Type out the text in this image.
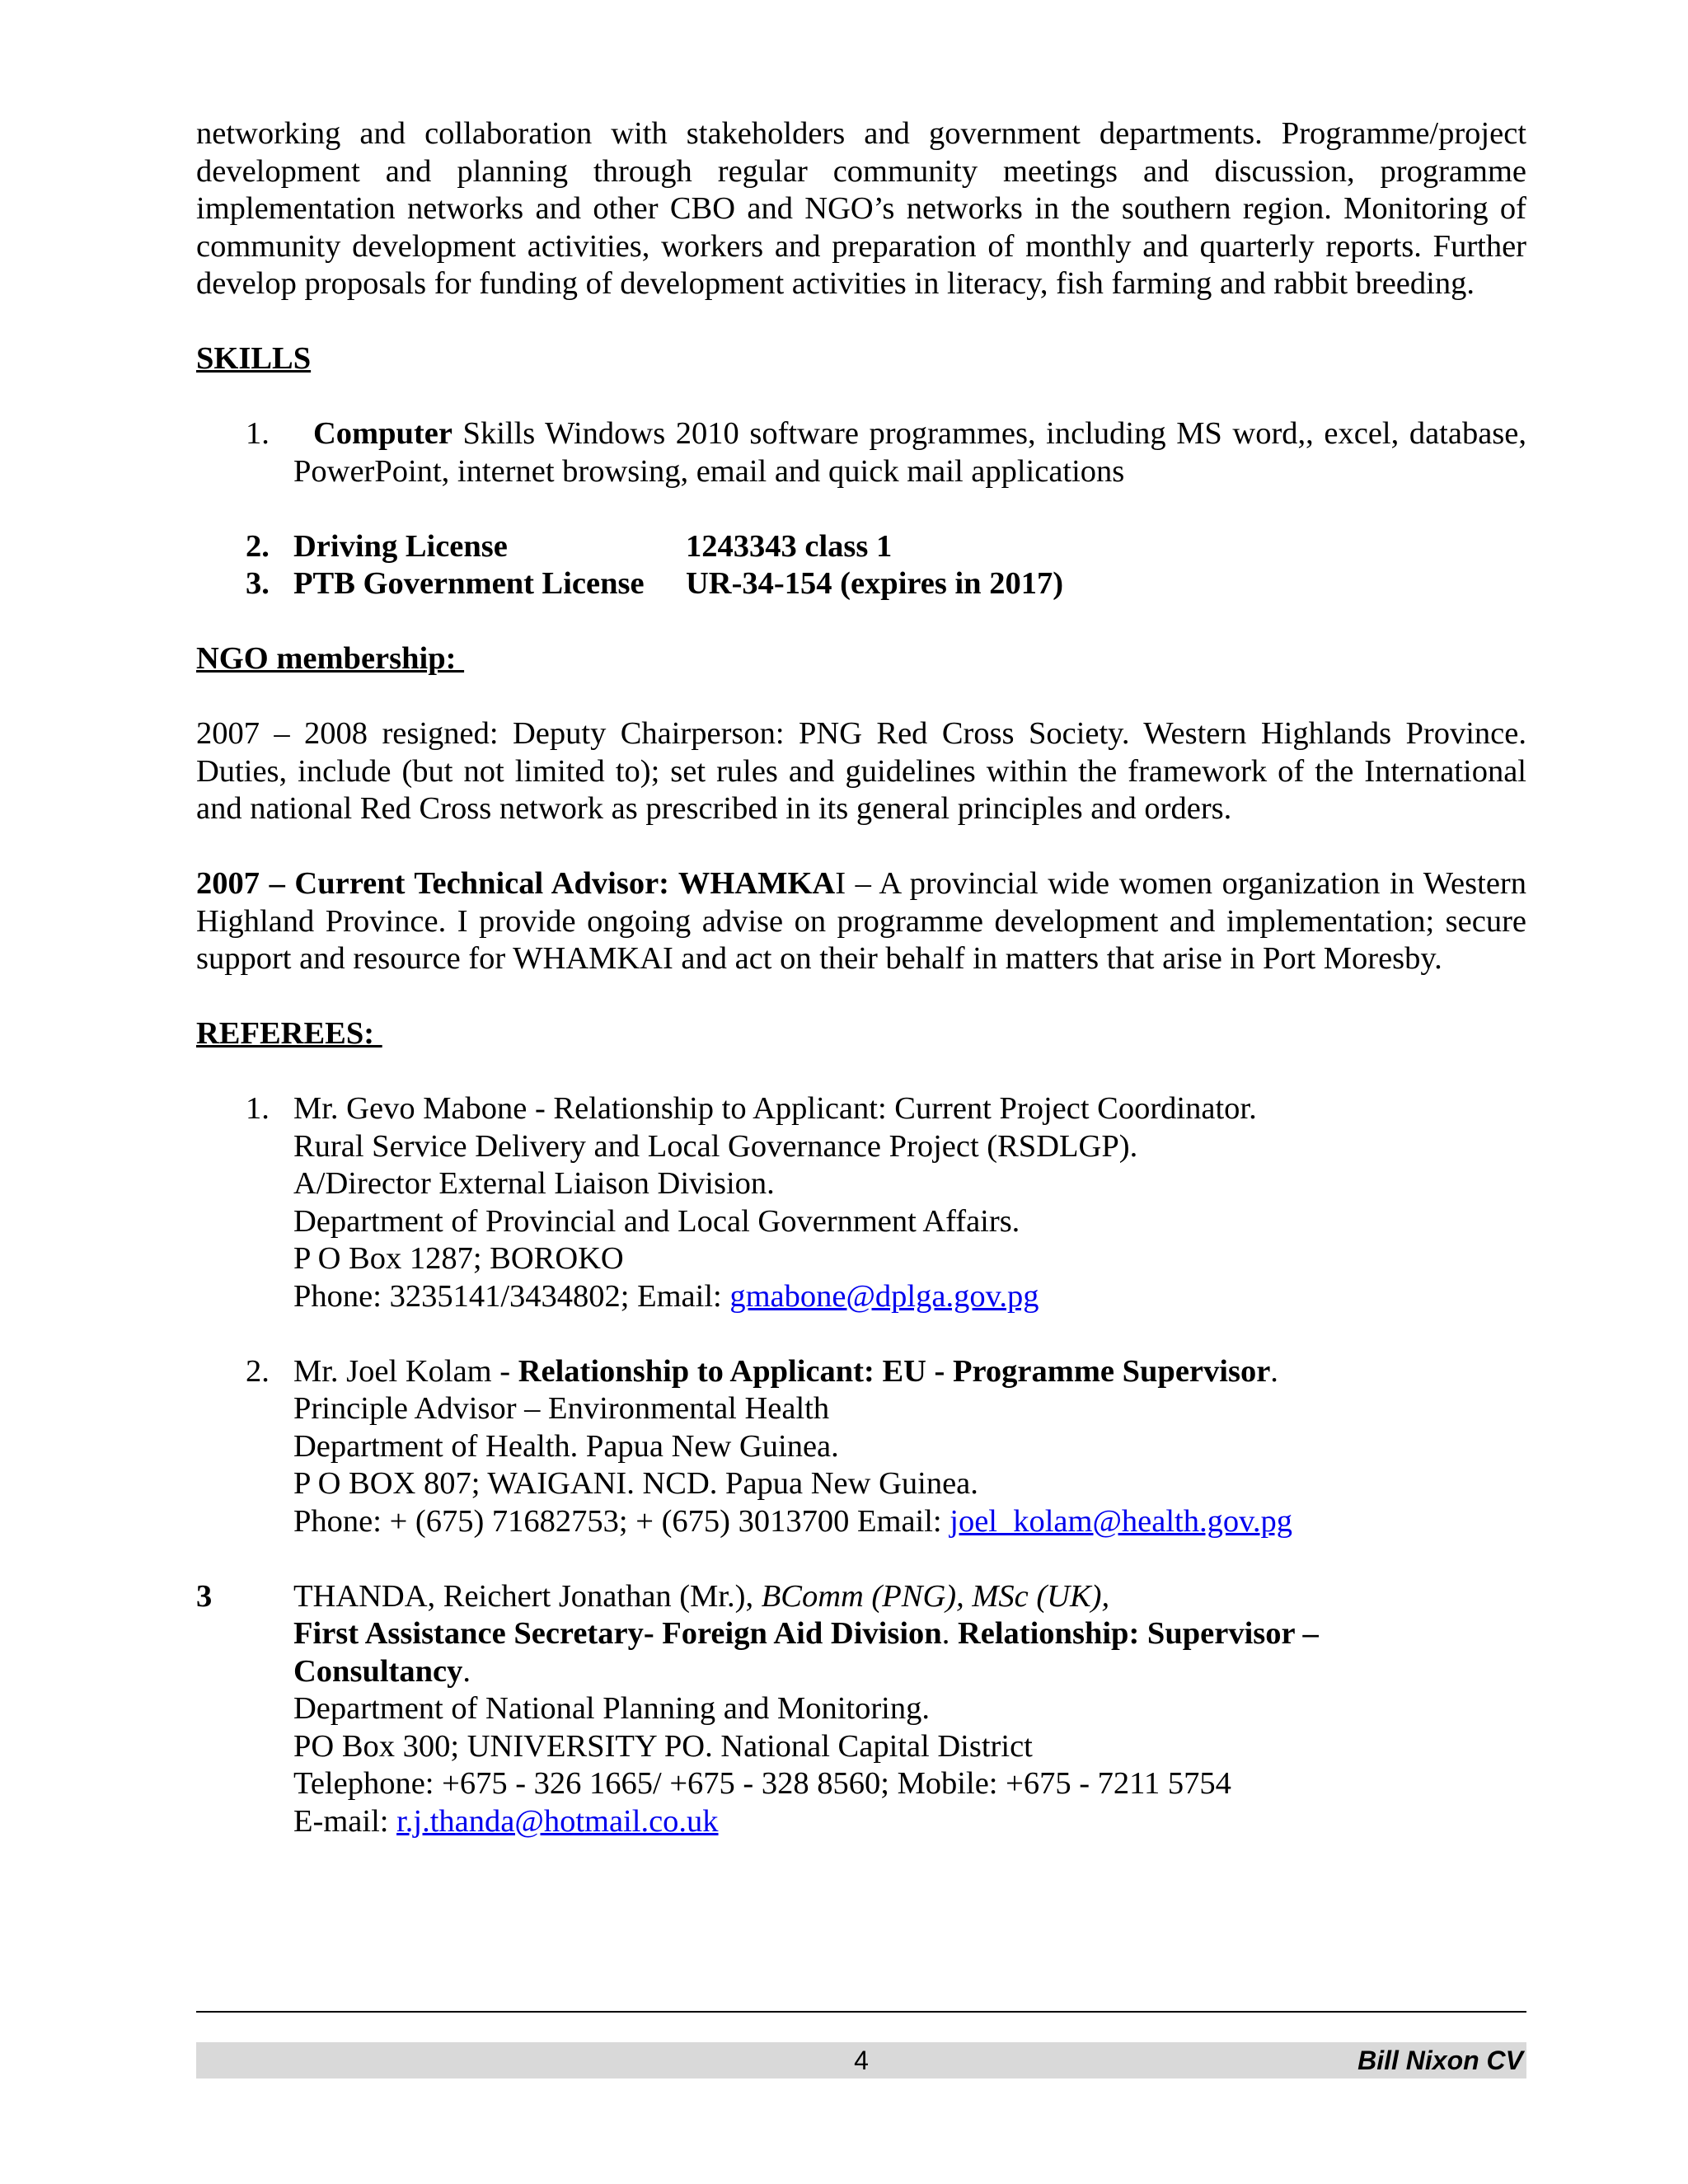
networking and collaboration with stakeholders and government departments. Programme/project development and planning through regular community meetings and discussion, programme implementation networks and other CBO and NGO’s networks in the southern region. Monitoring of community development activities, workers and preparation of monthly and quarterly reports. Further develop proposals for funding of development activities in literacy, fish farming and rabbit breeding.

SKILLS

1. Computer Skills Windows 2010 software programmes, including MS word,, excel, database, PowerPoint, internet browsing, email and quick mail applications
2. Driving License	1243343 class 1
3. PTB Government License UR-34-154 (expires in 2017)

NGO membership:

2007 – 2008 resigned: Deputy Chairperson: PNG Red Cross Society. Western Highlands Province. Duties, include (but not limited to); set rules and guidelines within the framework of the International and national Red Cross network as prescribed in its general principles and orders.

2007 – Current Technical Advisor: WHAMKAI – A provincial wide women organization in Western Highland Province. I provide ongoing advise on programme development and implementation; secure support and resource for WHAMKAI and act on their behalf in matters that arise in Port Moresby.

REFEREES:

1. Mr. Gevo Mabone - Relationship to Applicant: Current Project Coordinator.

Rural Service Delivery and Local Governance Project (RSDLGP).

A/Director External Liaison Division.

Department of Provincial and Local Government Affairs.

P O Box 1287; BOROKO

Phone: 3235141/3434802; Email: gmabone@dplga.gov.pg

2. Mr. Joel Kolam - Relationship to Applicant: EU - Programme Supervisor.

Principle Advisor – Environmental Health

Department of Health. Papua New Guinea.

P O BOX 807; WAIGANI. NCD. Papua New Guinea.

Phone: + (675) 71682753; + (675) 3013700 Email: joel_kolam@health.gov.pg

3	THANDA, Reichert Jonathan (Mr.), BComm (PNG), MSc (UK),

First Assistance Secretary- Foreign Aid Division. Relationship: Supervisor – Consultancy.

Department of National Planning and Monitoring.

PO Box 300; UNIVERSITY PO. National Capital District

Telephone: +675 - 326 1665/ +675 - 328 8560; Mobile: +675 - 7211 5754

E-mail: r.j.thanda@hotmail.co.uk

4	Bill Nixon CV
